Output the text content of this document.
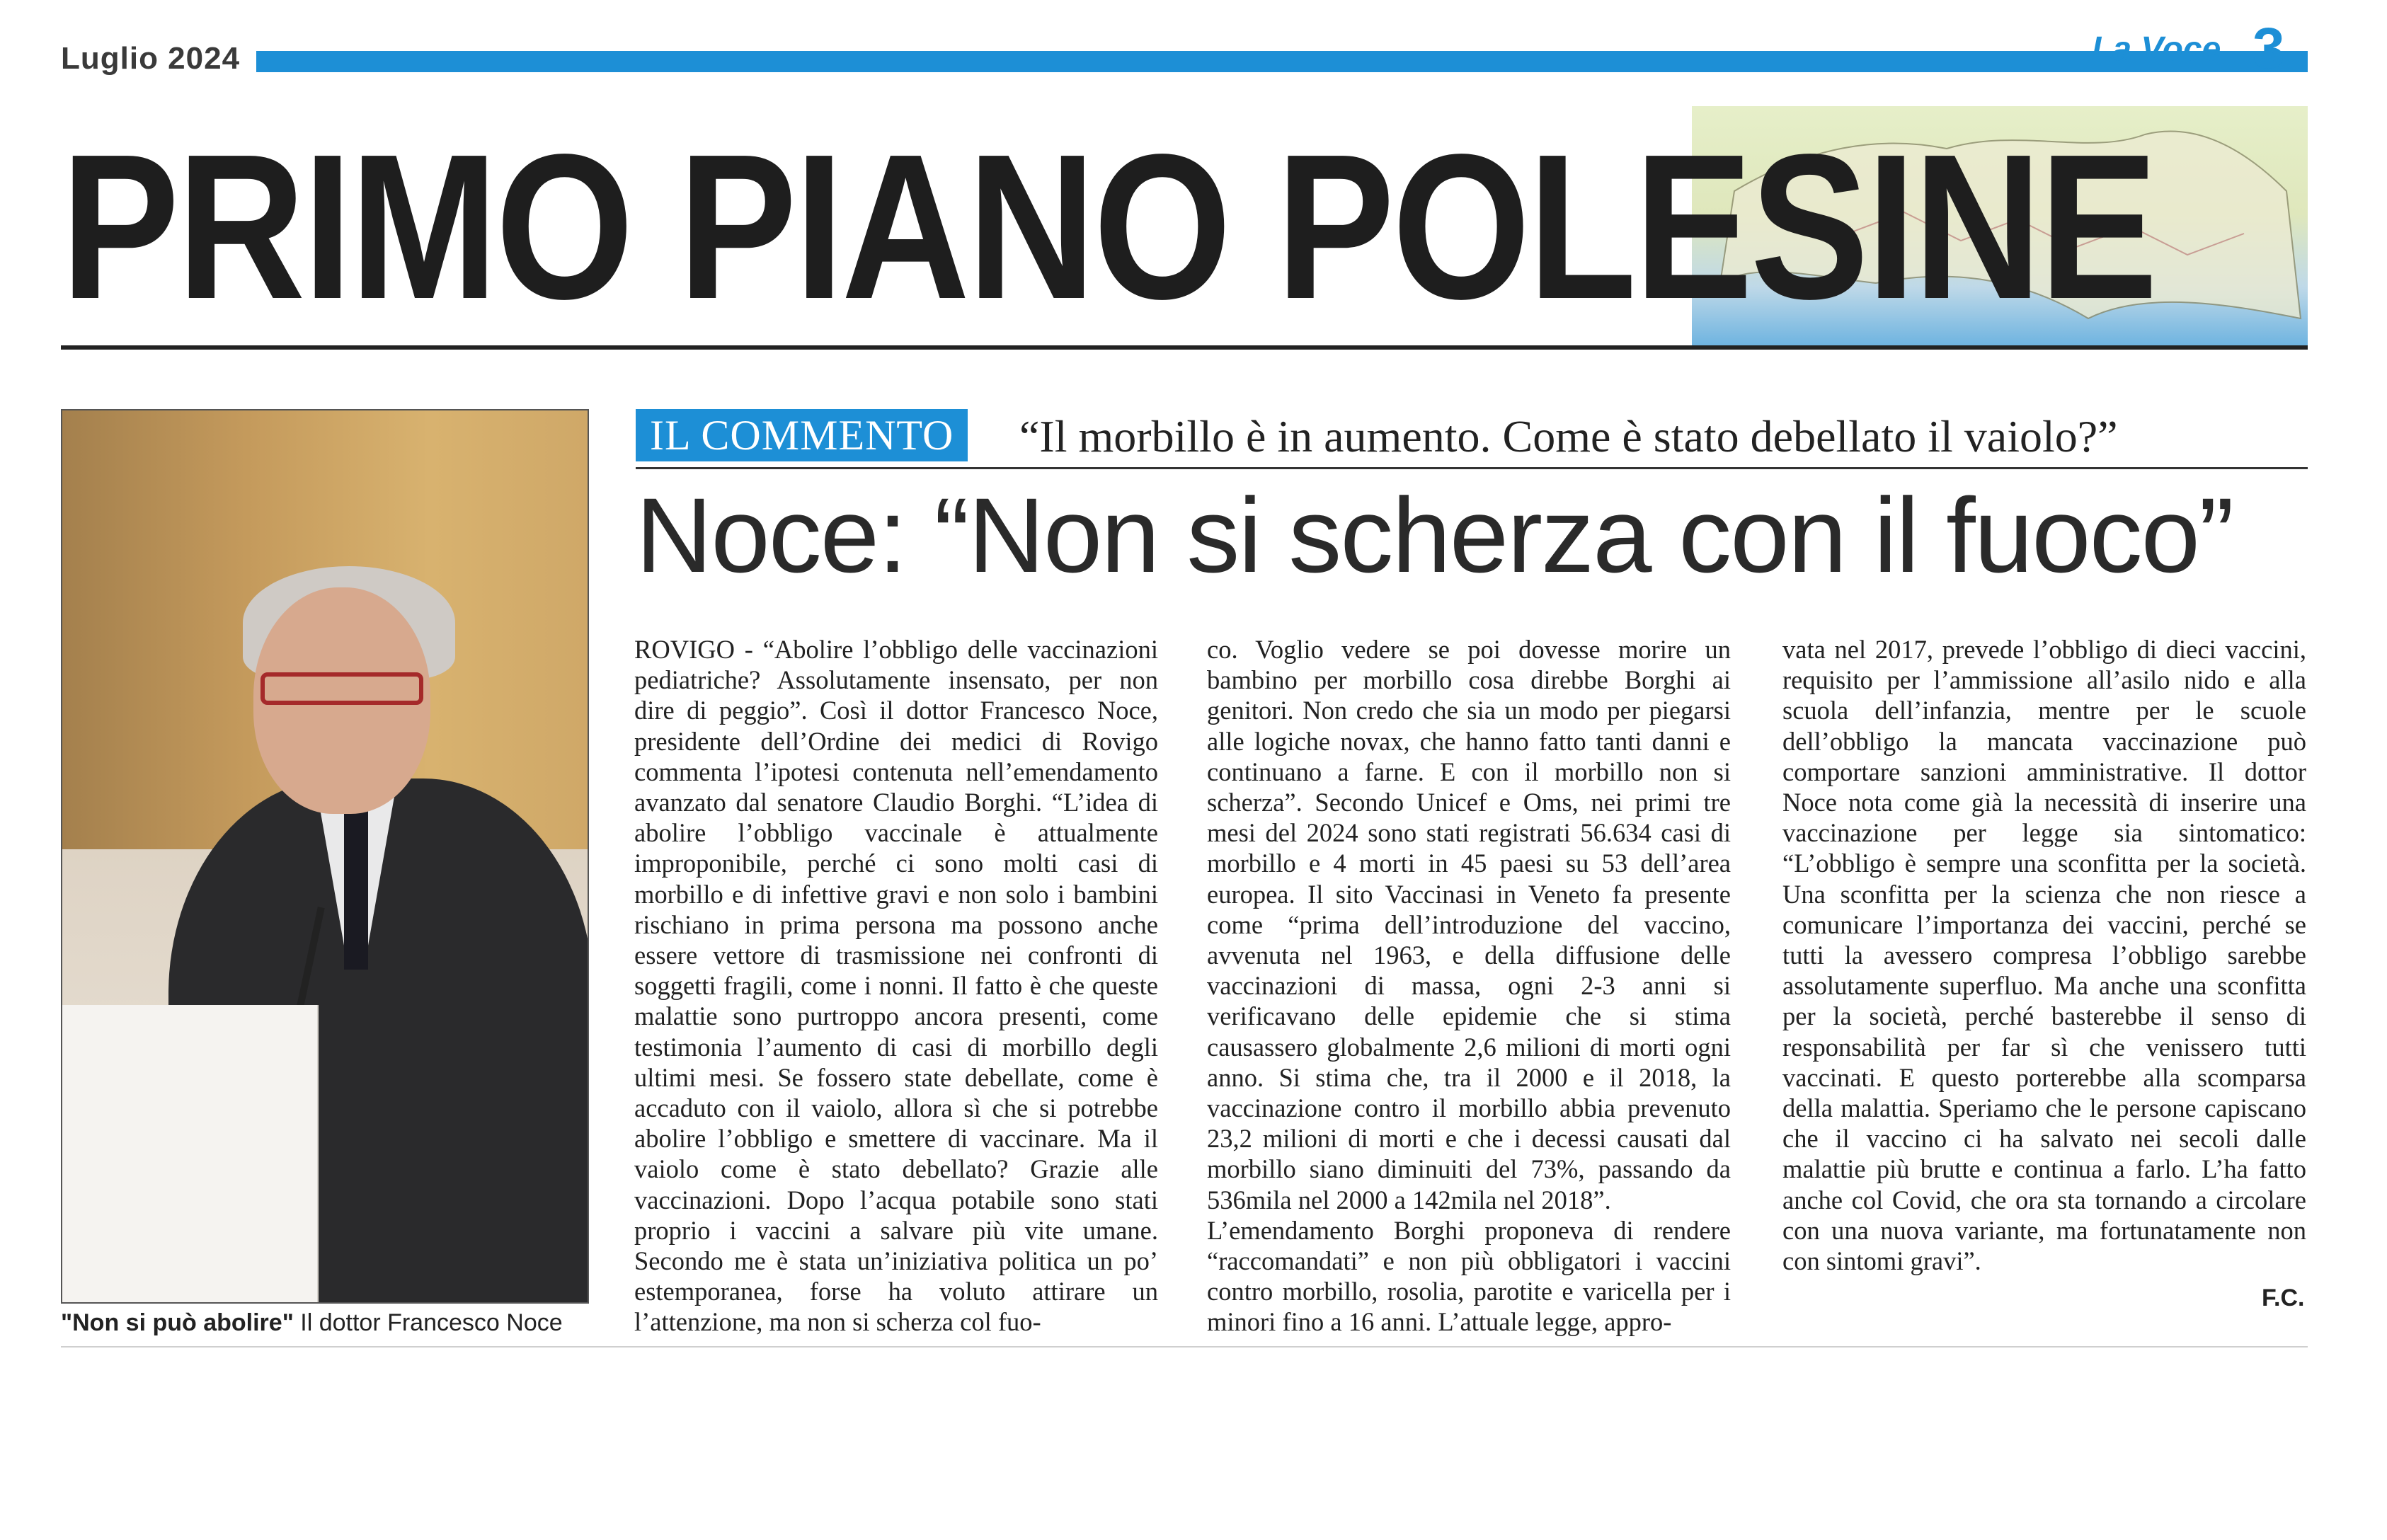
Luglio 2024	La Voce 3
PRIMO PIANO POLESINE
"Non si può abolire" Il dottor Francesco Noce
IL COMMENTO	“Il morbillo è in aumento. Come è stato debellato il vaiolo?”
Noce: “Non si scherza con il fuoco”

ROVIGO - “Abolire l’obbligo delle vaccinazioni pediatriche? Assolutamente insensato, per non dire di peggio”. Così il dottor Francesco Noce, presidente dell’Ordine dei medici di Rovigo commenta l’ipotesi contenuta nell’emendamento avanzato dal senatore Claudio Borghi. “L’idea di abolire l’obbligo vaccinale è attualmente improponibile, perché ci sono molti casi di morbillo e di infettive gravi e non solo i bambini rischiano in prima persona ma possono anche essere vettore di trasmissione nei confronti di soggetti fragili, come i nonni. Il fatto è che queste malattie sono purtroppo ancora presenti, come testimonia l’aumento di casi di morbillo degli ultimi mesi. Se fossero state debellate, come è accaduto con il vaiolo, allora sì che si potrebbe abolire l’obbligo e smettere di vaccinare. Ma il vaiolo come è stato debellato? Grazie alle vaccinazioni. Dopo l’acqua potabile sono stati proprio i vaccini a salvare più vite umane. Secondo me è stata un’iniziativa politica un po’ estemporanea, forse ha voluto attirare un l’attenzione, ma non si scherza col fuo-

co. Voglio vedere se poi dovesse morire un bambino per morbillo cosa direbbe Borghi ai genitori. Non credo che sia un modo per piegarsi alle logiche novax, che hanno fatto tanti danni e continuano a farne. E con il morbillo non si scherza”. Secondo Unicef e Oms, nei primi tre mesi del 2024 sono stati registrati 56.634 casi di morbillo e 4 morti in 45 paesi su 53 dell’area europea. Il sito Vaccinasi in Veneto fa presente come “prima dell’introduzione del vaccino, avvenuta nel 1963, e della diffusione delle vaccinazioni di massa, ogni 2-3 anni si verificavano delle epidemie che si stima causassero globalmente 2,6 milioni di morti ogni anno. Si stima che, tra il 2000 e il 2018, la vaccinazione contro il morbillo abbia prevenuto 23,2 milioni di morti e che i decessi causati dal morbillo siano diminuiti del 73%, passando da 536mila nel 2000 a 142mila nel 2018”.

L’emendamento Borghi proponeva di rendere “raccomandati” e non più obbligatori i vaccini contro morbillo, rosolia, parotite e varicella per i minori fino a 16 anni. L’attuale legge, appro-

vata nel 2017, prevede l’obbligo di dieci vaccini, requisito per l’ammissione all’asilo nido e alla scuola dell’infanzia, mentre per le scuole dell’obbligo la mancata vaccinazione può comportare sanzioni amministrative. Il dottor Noce nota come già la necessità di inserire una vaccinazione per legge sia sintomatico: “L’obbligo è sempre una sconfitta per la società. Una sconfitta per la scienza che non riesce a comunicare l’importanza dei vaccini, perché se tutti la avessero compresa l’obbligo sarebbe assolutamente superfluo. Ma anche una sconfitta per la società, perché basterebbe il senso di responsabilità per far sì che venissero tutti vaccinati. E questo porterebbe alla scomparsa della malattia. Speriamo che le persone capiscano che il vaccino ci ha salvato nei secoli dalle malattie più brutte e continua a farlo. L’ha fatto anche col Covid, che ora sta tornando a circolare con una nuova variante, ma fortunatamente non con sintomi gravi”.

F.C.
